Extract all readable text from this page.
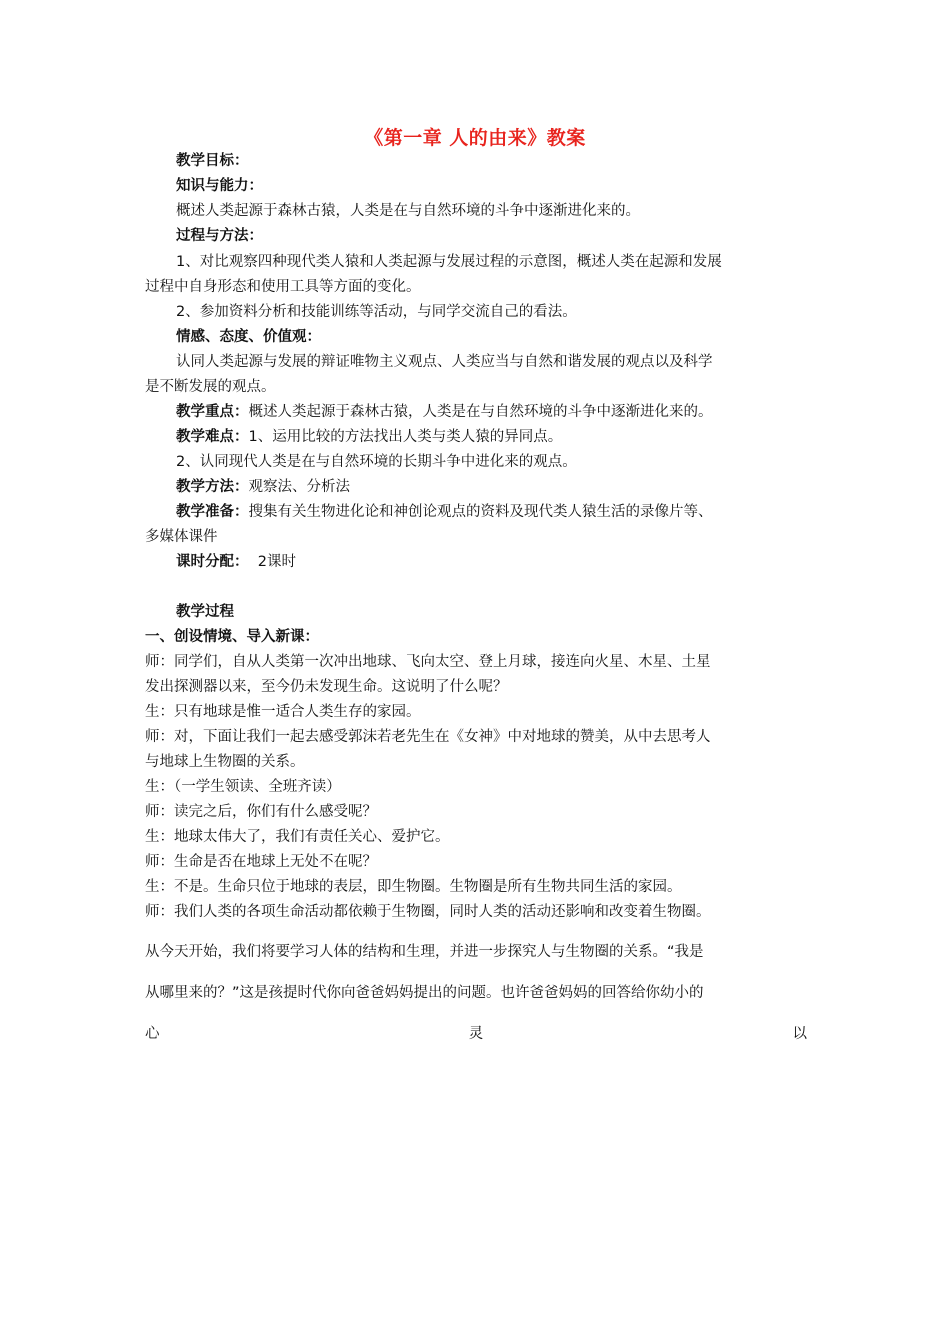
《第一章 人的由来》教案
教学目标：
知识与能力：
概述人类起源于森林古猿，人类是在与自然环境的斗争中逐渐进化来的。
过程与方法：
1、对比观察四种现代类人猿和人类起源与发展过程的示意图，概述人类在起源和发展
过程中自身形态和使用工具等方面的变化。
2、参加资料分析和技能训练等活动，与同学交流自己的看法。
情感、态度、价值观：
认同人类起源与发展的辩证唯物主义观点、人类应当与自然和谐发展的观点以及科学
是不断发展的观点。
教学重点：概述人类起源于森林古猿，人类是在与自然环境的斗争中逐渐进化来的。
教学难点：1、运用比较的方法找出人类与类人猿的异同点。
2、认同现代人类是在与自然环境的长期斗争中进化来的观点。
教学方法：观察法、分析法
教学准备：搜集有关生物进化论和神创论观点的资料及现代类人猿生活的录像片等、
多媒体课件
课时分配： 2课时
教学过程
一、创设情境、导入新课：
师：同学们，自从人类第一次冲出地球、飞向太空、登上月球，接连向火星、木星、土星
发出探测器以来，至今仍未发现生命。这说明了什么呢？
生：只有地球是惟一适合人类生存的家园。
师：对，下面让我们一起去感受郭沫若老先生在《女神》中对地球的赞美，从中去思考人
与地球上生物圈的关系。
生：（一学生领读、全班齐读）
师：读完之后，你们有什么感受呢？
生：地球太伟大了，我们有责任关心、爱护它。
师：生命是否在地球上无处不在呢？
生：不是。生命只位于地球的表层，即生物圈。生物圈是所有生物共同生活的家园。
师：我们人类的各项生命活动都依赖于生物圈，同时人类的活动还影响和改变着生物圈。
从今天开始，我们将要学习人体的结构和生理，并进一步探究人与生物圈的关系。“我是
从哪里来的？”这是孩提时代你向爸爸妈妈提出的问题。也许爸爸妈妈的回答给你幼小的
心	灵	以
